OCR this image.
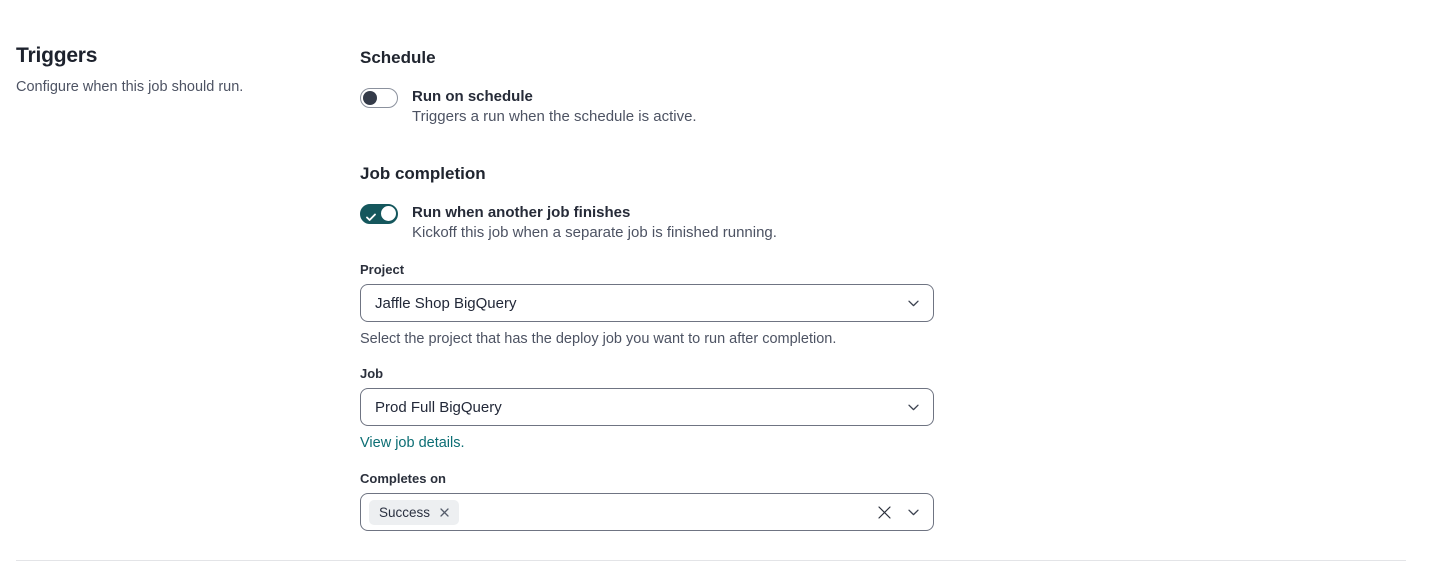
Triggers
Configure when this job should run.
Schedule
Run on schedule
Triggers a run when the schedule is active.
Job completion
Run when another job finishes
Kickoff this job when a separate job is finished running.
Project
Jaffle Shop BigQuery
Select the project that has the deploy job you want to run after completion.
Job
Prod Full BigQuery
View job details.
Completes on
Success
